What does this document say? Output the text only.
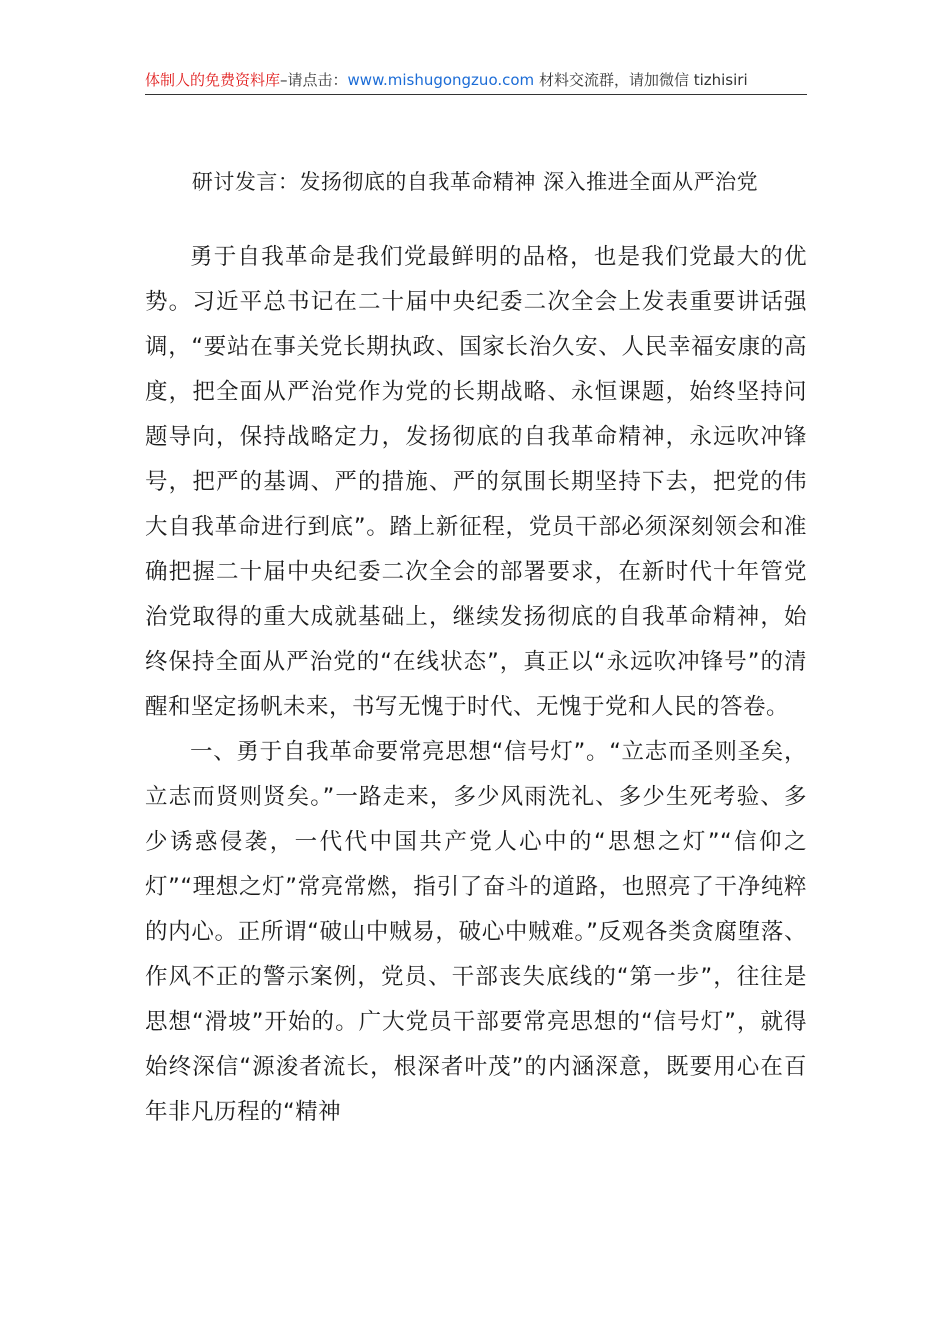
体制人的免费资料库–请点击：www.mishugongzuo.com 材料交流群，请加微信 tizhisiri
研讨发言：发扬彻底的自我革命精神 深入推进全面从严治党

勇于自我革命是我们党最鲜明的品格，也是我们党最大的优势。习近平总书记在二十届中央纪委二次全会上发表重要讲话强调，“要站在事关党长期执政、国家长治久安、人民幸福安康的高度，把全面从严治党作为党的长期战略、永恒课题，始终坚持问题导向，保持战略定力，发扬彻底的自我革命精神，永远吹冲锋号，把严的基调、严的措施、严的氛围长期坚持下去，把党的伟大自我革命进行到底”。踏上新征程，党员干部必须深刻领会和准确把握二十届中央纪委二次全会的部署要求，在新时代十年管党治党取得的重大成就基础上，继续发扬彻底的自我革命精神，始终保持全面从严治党的“在线状态”，真正以“永远吹冲锋号”的清醒和坚定扬帆未来，书写无愧于时代、无愧于党和人民的答卷。

一、勇于自我革命要常亮思想“信号灯”。“立志而圣则圣矣，立志而贤则贤矣。”一路走来，多少风雨洗礼、多少生死考验、多少诱惑侵袭，一代代中国共产党人心中的“思想之灯”“信仰之灯”“理想之灯”常亮常燃，指引了奋斗的道路，也照亮了干净纯粹的内心。正所谓“破山中贼易，破心中贼难。”反观各类贪腐堕落、作风不正的警示案例，党员、干部丧失底线的“第一步”，往往是思想“滑坡”开始的。广大党员干部要常亮思想的“信号灯”，就得始终深信“源浚者流长，根深者叶茂”的内涵深意，既要用心在百年非凡历程的“精神
